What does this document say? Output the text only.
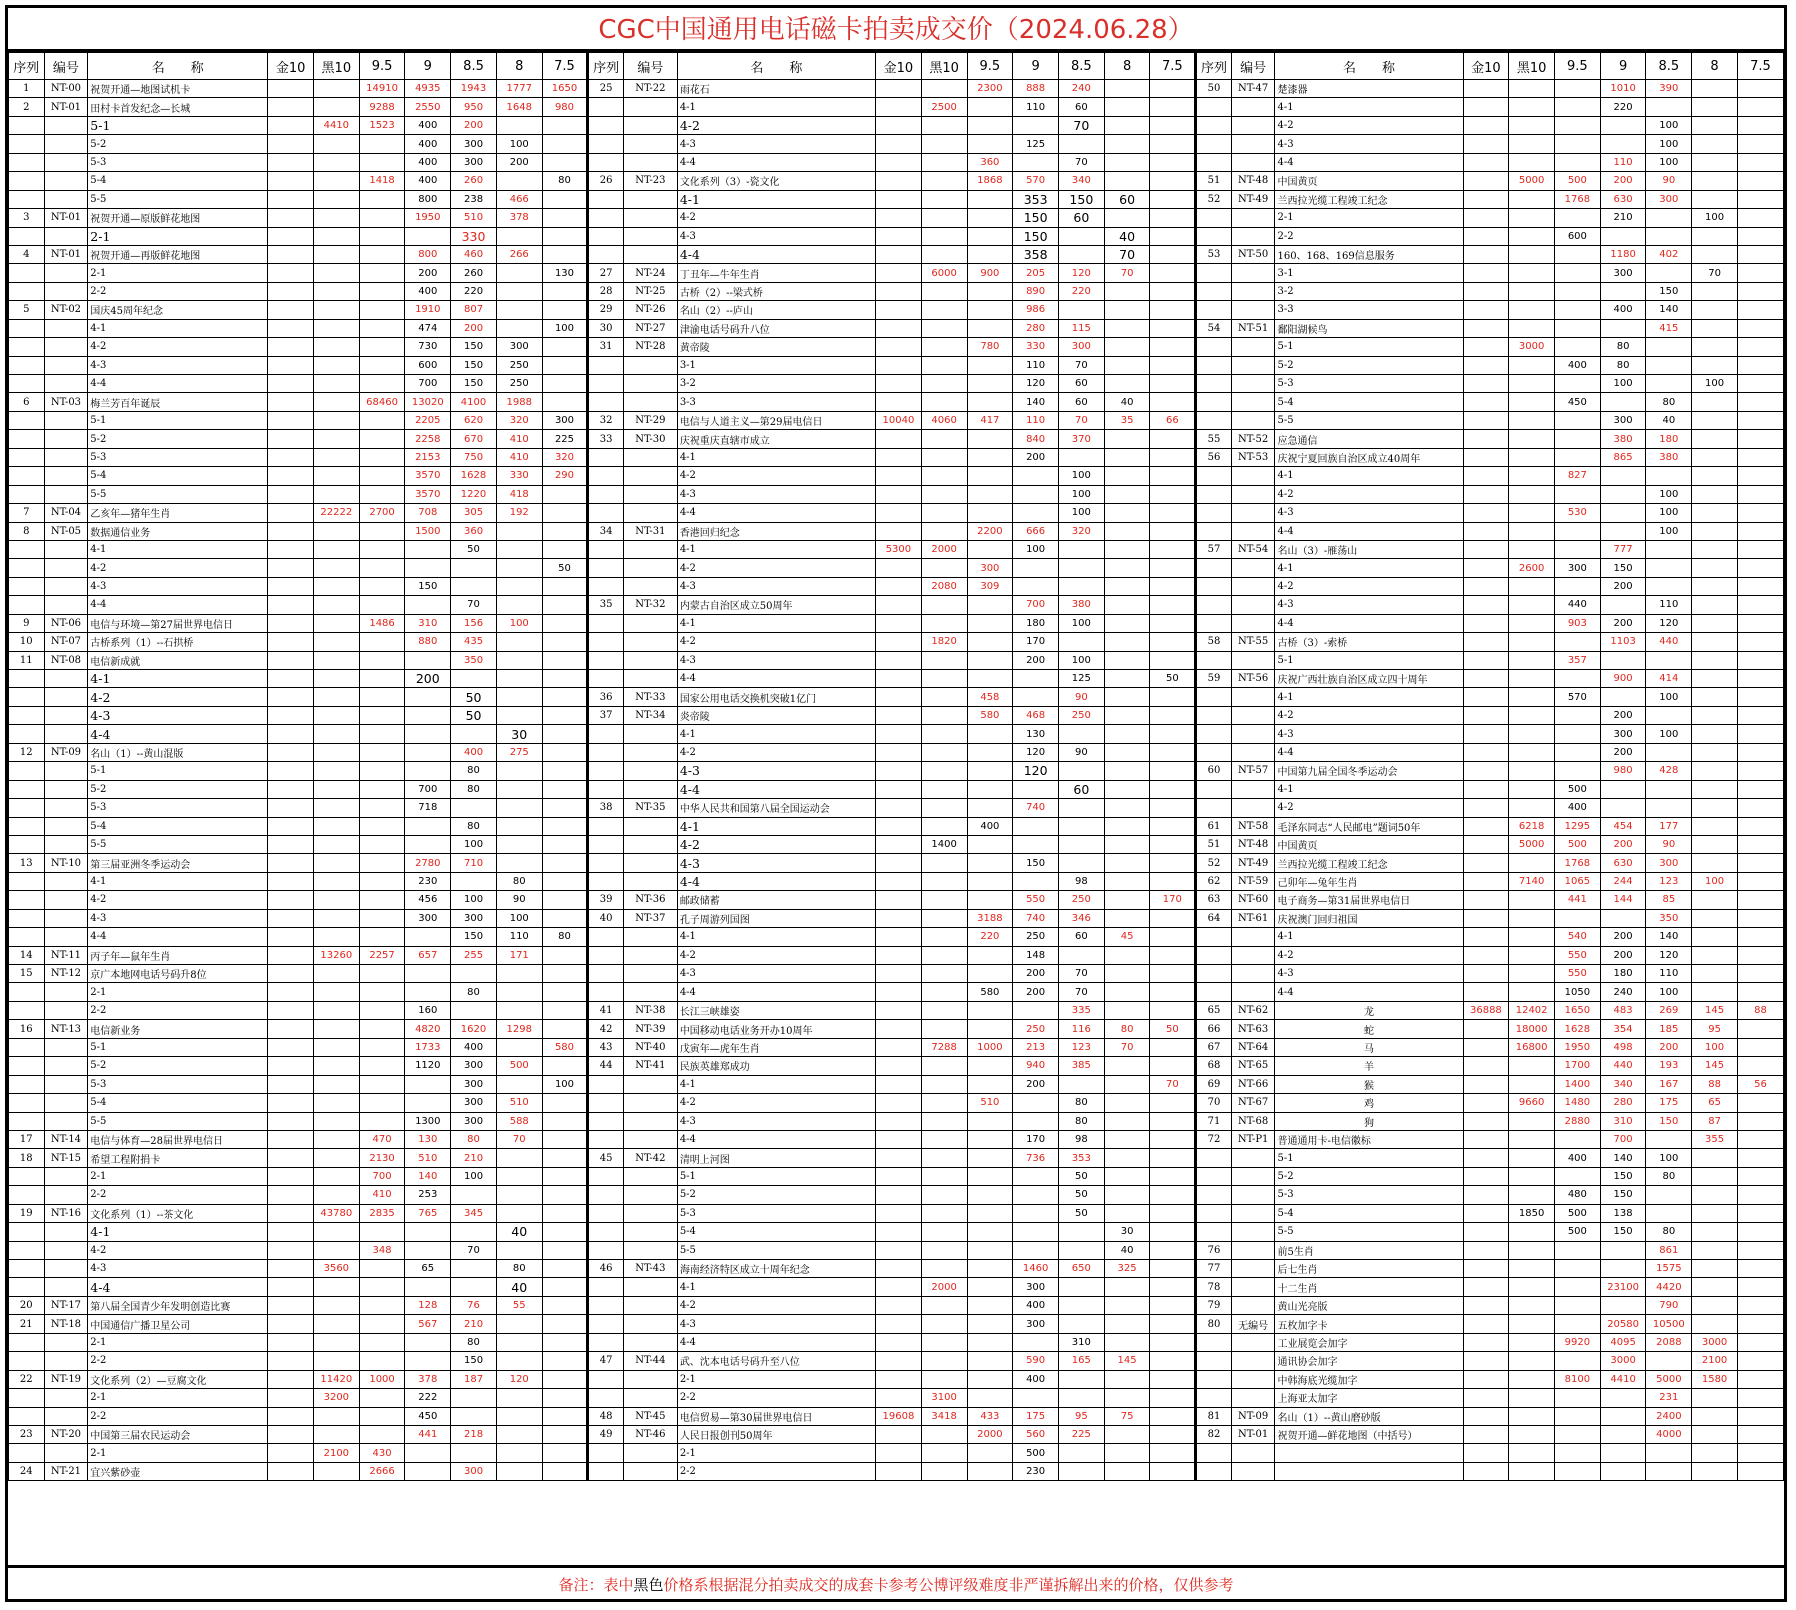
CGC中国通用电话磁卡拍卖成交价（2024.06.28）
序列	编号	名　　称	金10	黑10	9.5	9	8.5	8	7.5	序列	编号	名　　称	金10	黑10	9.5	9	8.5	8	7.5	序列	编号	名　　称	金10	黑10	9.5	9	8.5	8	7.5
1	NT-00	祝贺开通—地图试机卡			14910	4935	1943	1777	1650	25	NT-22	雨花石			2300	888	240			50	NT-47	楚漆器				1010	390		
2	NT-01	田村卡首发纪念—长城			9288	2550	950	1648	980			4-1		2500		110	60					4-1				220			
		5-1		4410	1523	400	200					4-2					70					4-2					100		
		5-2				400	300	100				4-3				125						4-3					100		
		5-3				400	300	200				4-4			360		70					4-4				110	100		
		5-4			1418	400	260		80	26	NT-23	文化系列（3）-瓷文化			1868	570	340			51	NT-48	中国黄页		5000	500	200	90		
		5-5				800	238	466				4-1				353	150	60		52	NT-49	兰西拉光缆工程竣工纪念			1768	630	300		
3	NT-01	祝贺开通—原版鲜花地图				1950	510	378				4-2				150	60					2-1				210		100	
		2-1					330					4-3				150		40				2-2			600				
4	NT-01	祝贺开通—再版鲜花地图				800	460	266				4-4				358		70		53	NT-50	160、168、169信息服务				1180	402		
		2-1				200	260		130	27	NT-24	丁丑年—牛年生肖		6000	900	205	120	70				3-1				300		70	
		2-2				400	220			28	NT-25	古桥（2）--梁式桥				890	220					3-2					150		
5	NT-02	国庆45周年纪念				1910	807			29	NT-26	名山（2）--庐山				986						3-3				400	140		
		4-1				474	200		100	30	NT-27	津渝电话号码升八位				280	115			54	NT-51	鄱阳湖候鸟					415		
		4-2				730	150	300		31	NT-28	黄帝陵			780	330	300					5-1		3000		80			
		4-3				600	150	250				3-1				110	70					5-2			400	80			
		4-4				700	150	250				3-2				120	60					5-3				100		100	
6	NT-03	梅兰芳百年诞辰			68460	13020	4100	1988				3-3				140	60	40				5-4			450		80		
		5-1				2205	620	320	300	32	NT-29	电信与人道主义—第29届电信日	10040	4060	417	110	70	35	66			5-5				300	40		
		5-2				2258	670	410	225	33	NT-30	庆祝重庆直辖市成立				840	370			55	NT-52	应急通信				380	180		
		5-3				2153	750	410	320			4-1				200				56	NT-53	庆祝宁夏回族自治区成立40周年				865	380		
		5-4				3570	1628	330	290			4-2					100					4-1			827				
		5-5				3570	1220	418				4-3					100					4-2					100		
7	NT-04	乙亥年—猪年生肖		22222	2700	708	305	192				4-4					100					4-3			530		100		
8	NT-05	数据通信业务				1500	360			34	NT-31	香港回归纪念			2200	666	320					4-4					100		
		4-1					50					4-1	5300	2000		100				57	NT-54	名山（3）-雁荡山				777			
		4-2							50			4-2			300							4-1		2600	300	150			
		4-3				150						4-3		2080	309							4-2				200			
		4-4					70			35	NT-32	内蒙古自治区成立50周年				700	380					4-3			440		110		
9	NT-06	电信与环境—第27届世界电信日			1486	310	156	100				4-1				180	100					4-4			903	200	120		
10	NT-07	古桥系列（1）--石拱桥				880	435					4-2		1820		170				58	NT-55	古桥（3）-索桥				1103	440		
11	NT-08	电信新成就					350					4-3				200	100					5-1			357				
		4-1				200						4-4					125		50	59	NT-56	庆祝广西壮族自治区成立四十周年				900	414		
		4-2					50			36	NT-33	国家公用电话交换机突破1亿门			458		90					4-1			570		100		
		4-3					50			37	NT-34	炎帝陵			580	468	250					4-2				200			
		4-4						30				4-1				130						4-3				300	100		
12	NT-09	名山（1）--黄山混版					400	275				4-2				120	90					4-4				200			
		5-1					80					4-3				120				60	NT-57	中国第九届全国冬季运动会				980	428		
		5-2				700	80					4-4					60					4-1			500				
		5-3				718				38	NT-35	中华人民共和国第八届全国运动会				740						4-2			400				
		5-4					80					4-1			400					61	NT-58	毛泽东同志“人民邮电”题词50年		6218	1295	454	177		
		5-5					100					4-2		1400						51	NT-48	中国黄页		5000	500	200	90		
13	NT-10	第三届亚洲冬季运动会				2780	710					4-3				150				52	NT-49	兰西拉光缆工程竣工纪念			1768	630	300		
		4-1				230		80				4-4					98			62	NT-59	己卯年—兔年生肖		7140	1065	244	123	100	
		4-2				456	100	90		39	NT-36	邮政储蓄				550	250		170	63	NT-60	电子商务—第31届世界电信日			441	144	85		
		4-3				300	300	100		40	NT-37	孔子周游列国图			3188	740	346			64	NT-61	庆祝澳门回归祖国					350		
		4-4					150	110	80			4-1			220	250	60	45				4-1			540	200	140		
14	NT-11	丙子年—鼠年生肖		13260	2257	657	255	171				4-2				148						4-2			550	200	120		
15	NT-12	京广本地网电话号码升8位										4-3				200	70					4-3			550	180	110		
		2-1					80					4-4			580	200	70					4-4			1050	240	100		
		2-2				160				41	NT-38	长江三峡雄姿					335			65	NT-62	龙	36888	12402	1650	483	269	145	88
16	NT-13	电信新业务				4820	1620	1298		42	NT-39	中国移动电话业务开办10周年				250	116	80	50	66	NT-63	蛇		18000	1628	354	185	95	
		5-1				1733	400		580	43	NT-40	戊寅年—虎年生肖		7288	1000	213	123	70		67	NT-64	马		16800	1950	498	200	100	
		5-2				1120	300	500		44	NT-41	民族英雄郑成功				940	385			68	NT-65	羊			1700	440	193	145	
		5-3					300		100			4-1				200			70	69	NT-66	猴			1400	340	167	88	56
		5-4					300	510				4-2			510		80			70	NT-67	鸡		9660	1480	280	175	65	
		5-5				1300	300	588				4-3					80			71	NT-68	狗			2880	310	150	87	
17	NT-14	电信与体育—28届世界电信日			470	130	80	70				4-4				170	98			72	NT-P1	普通通用卡-电信徽标				700		355	
18	NT-15	希望工程附捐卡			2130	510	210			45	NT-42	清明上河图				736	353					5-1			400	140	100		
		2-1			700	140	100					5-1					50					5-2				150	80		
		2-2			410	253						5-2					50					5-3			480	150			
19	NT-16	文化系列（1）--茶文化		43780	2835	765	345					5-3					50					5-4		1850	500	138			
		4-1						40				5-4						30				5-5			500	150	80		
		4-2			348		70					5-5						40		76		前5生肖					861		
		4-3		3560		65		80		46	NT-43	海南经济特区成立十周年纪念				1460	650	325		77		后七生肖					1575		
		4-4						40				4-1		2000		300				78		十二生肖				23100	4420		
20	NT-17	第八届全国青少年发明创造比赛				128	76	55				4-2				400				79		黄山光亮版					790		
21	NT-18	中国通信广播卫星公司				567	210					4-3				300				80	无编号	五枚加字卡				20580	10500		
		2-1					80					4-4					310					工业展览会加字			9920	4095	2088	3000	
		2-2					150			47	NT-44	武、沈本电话号码升至八位				590	165	145				通讯协会加字				3000		2100	
22	NT-19	文化系列（2）—豆腐文化		11420	1000	378	187	120				2-1				400						中韩海底光缆加字			8100	4410	5000	1580	
		2-1		3200		222						2-2		3100								上海亚太加字					231		
		2-2				450				48	NT-45	电信贸易—第30届世界电信日	19608	3418	433	175	95	75		81	NT-09	名山（1）--黄山磨砂版					2400		
23	NT-20	中国第三届农民运动会				441	218			49	NT-46	人民日报创刊50周年			2000	560	225			82	NT-01	祝贺开通—鲜花地图（中括号）					4000		
		2-1		2100	430							2-1				500													
24	NT-21	宜兴紫砂壶			2666		300					2-2				230													
备注：表中黑色价格系根据混分拍卖成交的成套卡参考公博评级难度非严谨拆解出来的价格，仅供参考
